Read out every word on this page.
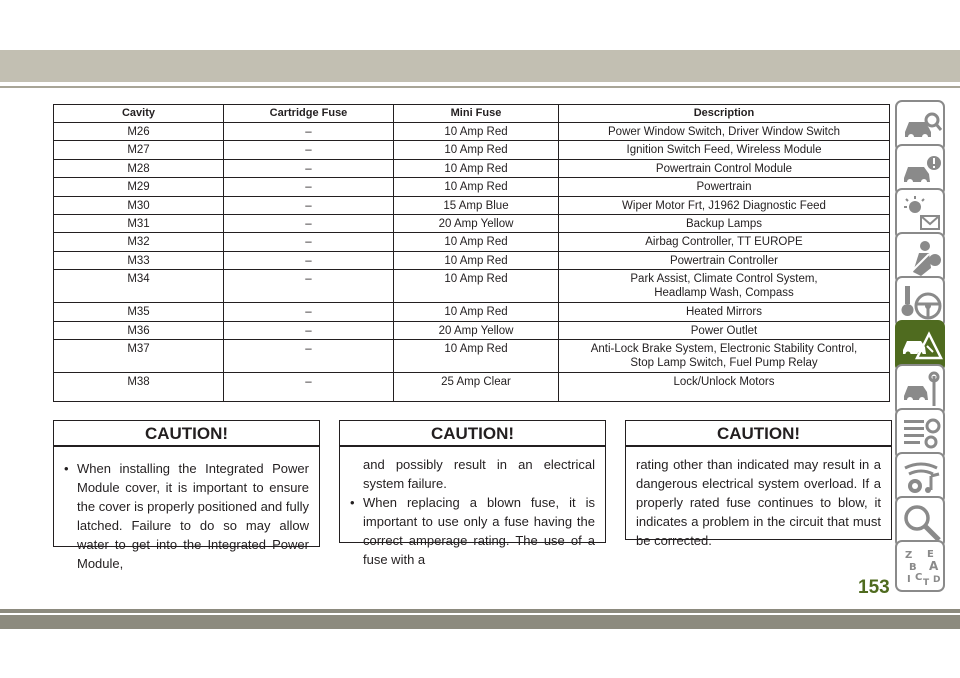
Cavity	Cartridge Fuse	Mini Fuse	Description
M26	–	10 Amp Red	Power Window Switch, Driver Window Switch
M27	–	10 Amp Red	Ignition Switch Feed, Wireless Module
M28	–	10 Amp Red	Powertrain Control Module
M29	–	10 Amp Red	Powertrain
M30	–	15 Amp Blue	Wiper Motor Frt, J1962 Diagnostic Feed
M31	–	20 Amp Yellow	Backup Lamps
M32	–	10 Amp Red	Airbag Controller, TT EUROPE
M33	–	10 Amp Red	Powertrain Controller
M34	–	10 Amp Red	Park Assist, Climate Control System,
Headlamp Wash, Compass

M35	–	10 Amp Red	Heated Mirrors
M36	–	20 Amp Yellow	Power Outlet
M37	–	10 Amp Red	Anti-Lock Brake System, Electronic Stability Control,
Stop Lamp Switch, Fuel Pump Relay

M38	–	25 Amp Clear	Lock/Unlock Motors
CAUTION!
• When installing the Integrated Power Module cover, it is important to ensure the cover is properly positioned and fully latched. Failure to do so may allow water to get into the Integrated Power Module,
CAUTION!
and possibly result in an electrical system failure.
• When replacing a blown fuse, it is important to use only a fuse having the correct amperage rating. The use of a fuse with a
CAUTION!
rating other than indicated may result in a dangerous electrical system overload. If a properly rated fuse continues to blow, it indicates a problem in the circuit that must be corrected.
Z E
B A
I C T D
153
